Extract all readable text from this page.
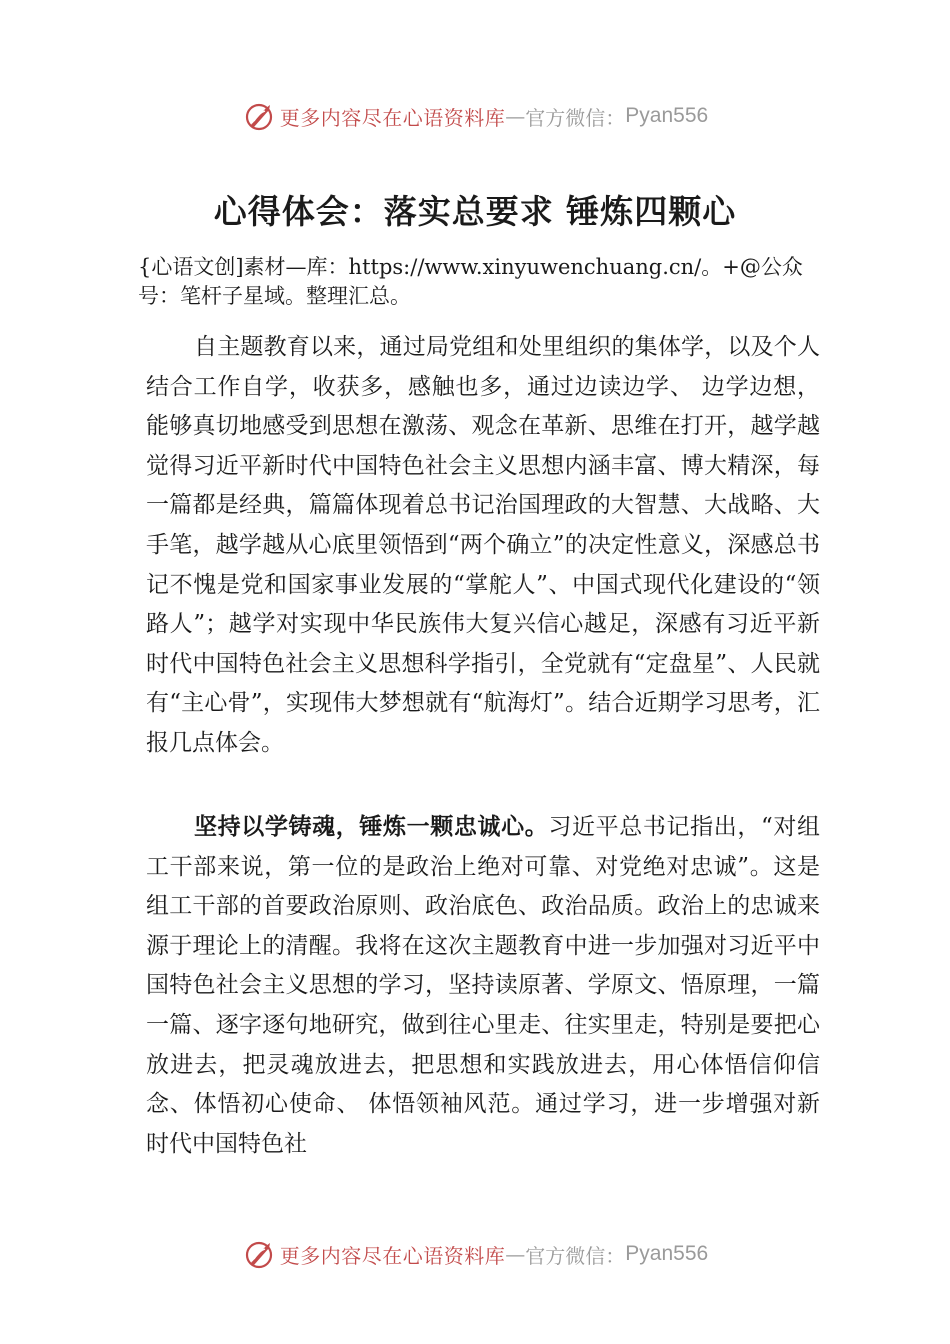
更多内容尽在心语资料库 — 官方微信： Pyan556
心得体会：落实总要求 锤炼四颗心
{心语文创]素材—库：https://www.xinyuwenchuang.cn/。+@公众号：笔杆子星域。整理汇总。

自主题教育以来，通过局党组和处里组织的集体学，以及个人结合工作自学，收获多，感触也多，通过边读边学、 边学边想，能够真切地感受到思想在激荡、观念在革新、思维在打开，越学越觉得习近平新时代中国特色社会主义思想内涵丰富、博大精深，每一篇都是经典，篇篇体现着总书记治国理政的大智慧、大战略、大手笔，越学越从心底里领悟到“两个确立”的决定性意义，深感总书记不愧是党和国家事业发展的“掌舵人”、中国式现代化建设的“领路人”；越学对实现中华民族伟大复兴信心越足，深感有习近平新时代中国特色社会主义思想科学指引，全党就有“定盘星”、人民就有“主心骨”，实现伟大梦想就有“航海灯”。结合近期学习思考，汇报几点体会。

坚持以学铸魂，锤炼一颗忠诚心。习近平总书记指出，“对组工干部来说，第一位的是政治上绝对可靠、对党绝对忠诚”。这是组工干部的首要政治原则、政治底色、政治品质。政治上的忠诚来源于理论上的清醒。我将在这次主题教育中进一步加强对习近平中国特色社会主义思想的学习，坚持读原著、学原文、悟原理，一篇一篇、逐字逐句地研究，做到往心里走、往实里走，特别是要把心放进去，把灵魂放进去，把思想和实践放进去，用心体悟信仰信念、体悟初心使命、 体悟领袖风范。通过学习，进一步增强对新时代中国特色社

更多内容尽在心语资料库 — 官方微信： Pyan556
